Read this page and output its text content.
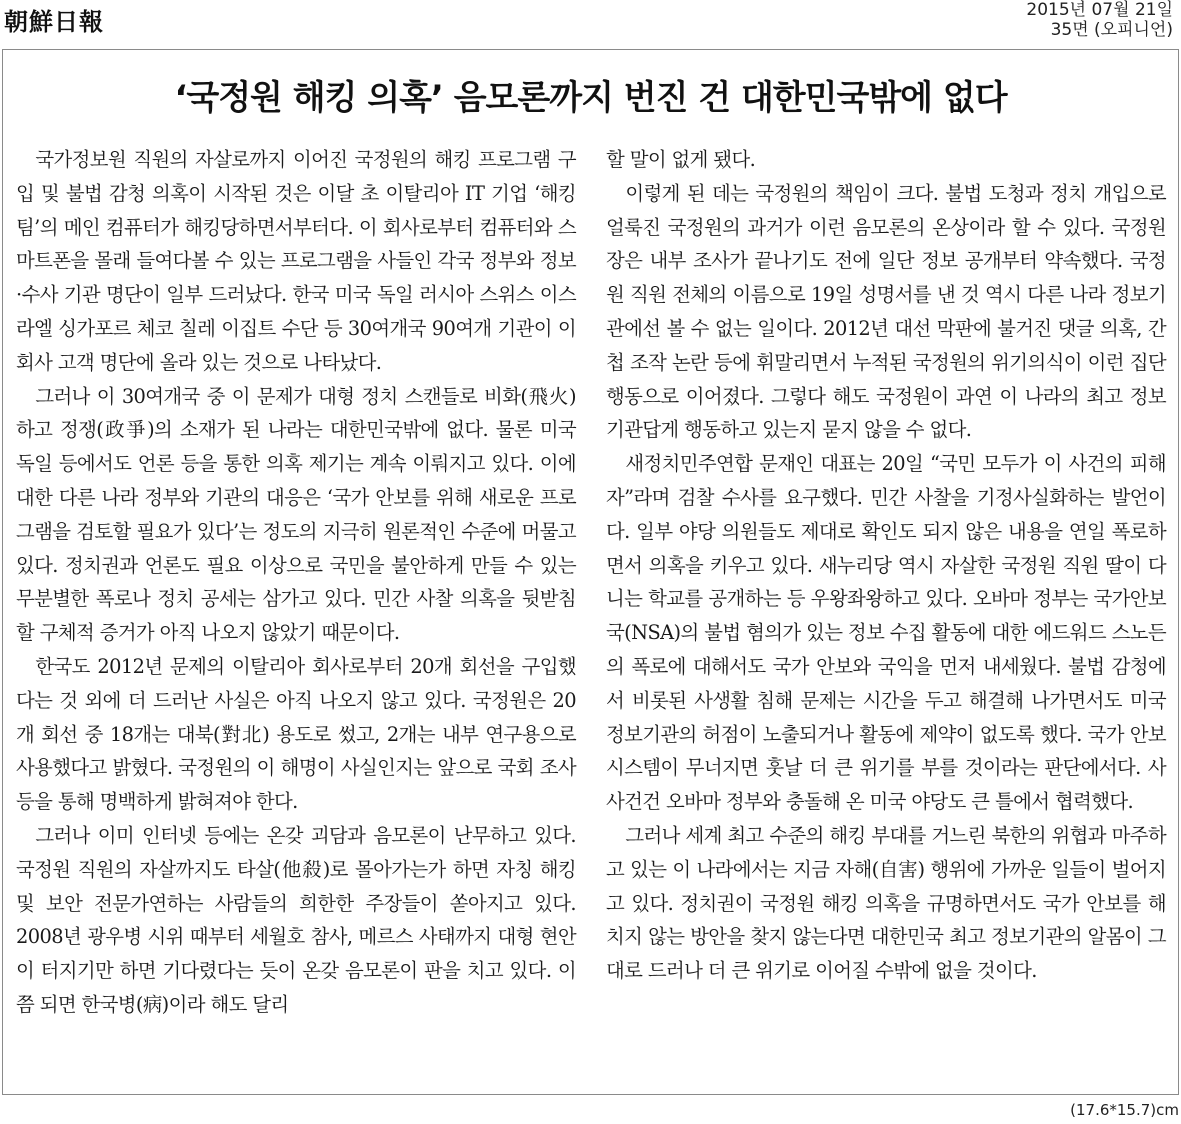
朝鮮日報	2015년 07월 21일
35면 (오피니언)
‘국정원 해킹 의혹’ 음모론까지 번진 건 대한민국밖에 없다

국가정보원 직원의 자살로까지 이어진 국정원의 해킹 프로그램 구입 및 불법 감청 의혹이 시작된 것은 이달 초 이탈리아 IT 기업 ‘해킹팀’의 메인 컴퓨터가 해킹당하면서부터다. 이 회사로부터 컴퓨터와 스마트폰을 몰래 들여다볼 수 있는 프로그램을 사들인 각국 정부와 정보·수사 기관 명단이 일부 드러났다. 한국 미국 독일 러시아 스위스 이스라엘 싱가포르 체코 칠레 이집트 수단 등 30여개국 90여개 기관이 이 회사 고객 명단에 올라 있는 것으로 나타났다.

그러나 이 30여개국 중 이 문제가 대형 정치 스캔들로 비화(飛火)하고 정쟁(政爭)의 소재가 된 나라는 대한민국밖에 없다. 물론 미국 독일 등에서도 언론 등을 통한 의혹 제기는 계속 이뤄지고 있다. 이에 대한 다른 나라 정부와 기관의 대응은 ‘국가 안보를 위해 새로운 프로그램을 검토할 필요가 있다’는 정도의 지극히 원론적인 수준에 머물고 있다. 정치권과 언론도 필요 이상으로 국민을 불안하게 만들 수 있는 무분별한 폭로나 정치 공세는 삼가고 있다. 민간 사찰 의혹을 뒷받침할 구체적 증거가 아직 나오지 않았기 때문이다.

한국도 2012년 문제의 이탈리아 회사로부터 20개 회선을 구입했다는 것 외에 더 드러난 사실은 아직 나오지 않고 있다. 국정원은 20개 회선 중 18개는 대북(對北) 용도로 썼고, 2개는 내부 연구용으로 사용했다고 밝혔다. 국정원의 이 해명이 사실인지는 앞으로 국회 조사 등을 통해 명백하게 밝혀져야 한다.

그러나 이미 인터넷 등에는 온갖 괴담과 음모론이 난무하고 있다. 국정원 직원의 자살까지도 타살(他殺)로 몰아가는가 하면 자칭 해킹 및 보안 전문가연하는 사람들의 희한한 주장들이 쏟아지고 있다. 2008년 광우병 시위 때부터 세월호 참사, 메르스 사태까지 대형 현안이 터지기만 하면 기다렸다는 듯이 온갖 음모론이 판을 치고 있다. 이쯤 되면 한국병(病)이라 해도 달리

할 말이 없게 됐다.

이렇게 된 데는 국정원의 책임이 크다. 불법 도청과 정치 개입으로 얼룩진 국정원의 과거가 이런 음모론의 온상이라 할 수 있다. 국정원장은 내부 조사가 끝나기도 전에 일단 정보 공개부터 약속했다. 국정원 직원 전체의 이름으로 19일 성명서를 낸 것 역시 다른 나라 정보기관에선 볼 수 없는 일이다. 2012년 대선 막판에 불거진 댓글 의혹, 간첩 조작 논란 등에 휘말리면서 누적된 국정원의 위기의식이 이런 집단 행동으로 이어졌다. 그렇다 해도 국정원이 과연 이 나라의 최고 정보기관답게 행동하고 있는지 묻지 않을 수 없다.

새정치민주연합 문재인 대표는 20일 “국민 모두가 이 사건의 피해자”라며 검찰 수사를 요구했다. 민간 사찰을 기정사실화하는 발언이다. 일부 야당 의원들도 제대로 확인도 되지 않은 내용을 연일 폭로하면서 의혹을 키우고 있다. 새누리당 역시 자살한 국정원 직원 딸이 다니는 학교를 공개하는 등 우왕좌왕하고 있다. 오바마 정부는 국가안보국(NSA)의 불법 혐의가 있는 정보 수집 활동에 대한 에드워드 스노든의 폭로에 대해서도 국가 안보와 국익을 먼저 내세웠다. 불법 감청에서 비롯된 사생활 침해 문제는 시간을 두고 해결해 나가면서도 미국 정보기관의 허점이 노출되거나 활동에 제약이 없도록 했다. 국가 안보 시스템이 무너지면 훗날 더 큰 위기를 부를 것이라는 판단에서다. 사사건건 오바마 정부와 충돌해 온 미국 야당도 큰 틀에서 협력했다.

그러나 세계 최고 수준의 해킹 부대를 거느린 북한의 위협과 마주하고 있는 이 나라에서는 지금 자해(自害) 행위에 가까운 일들이 벌어지고 있다. 정치권이 국정원 해킹 의혹을 규명하면서도 국가 안보를 해치지 않는 방안을 찾지 않는다면 대한민국 최고 정보기관의 알몸이 그대로 드러나 더 큰 위기로 이어질 수밖에 없을 것이다.

(17.6*15.7)cm
